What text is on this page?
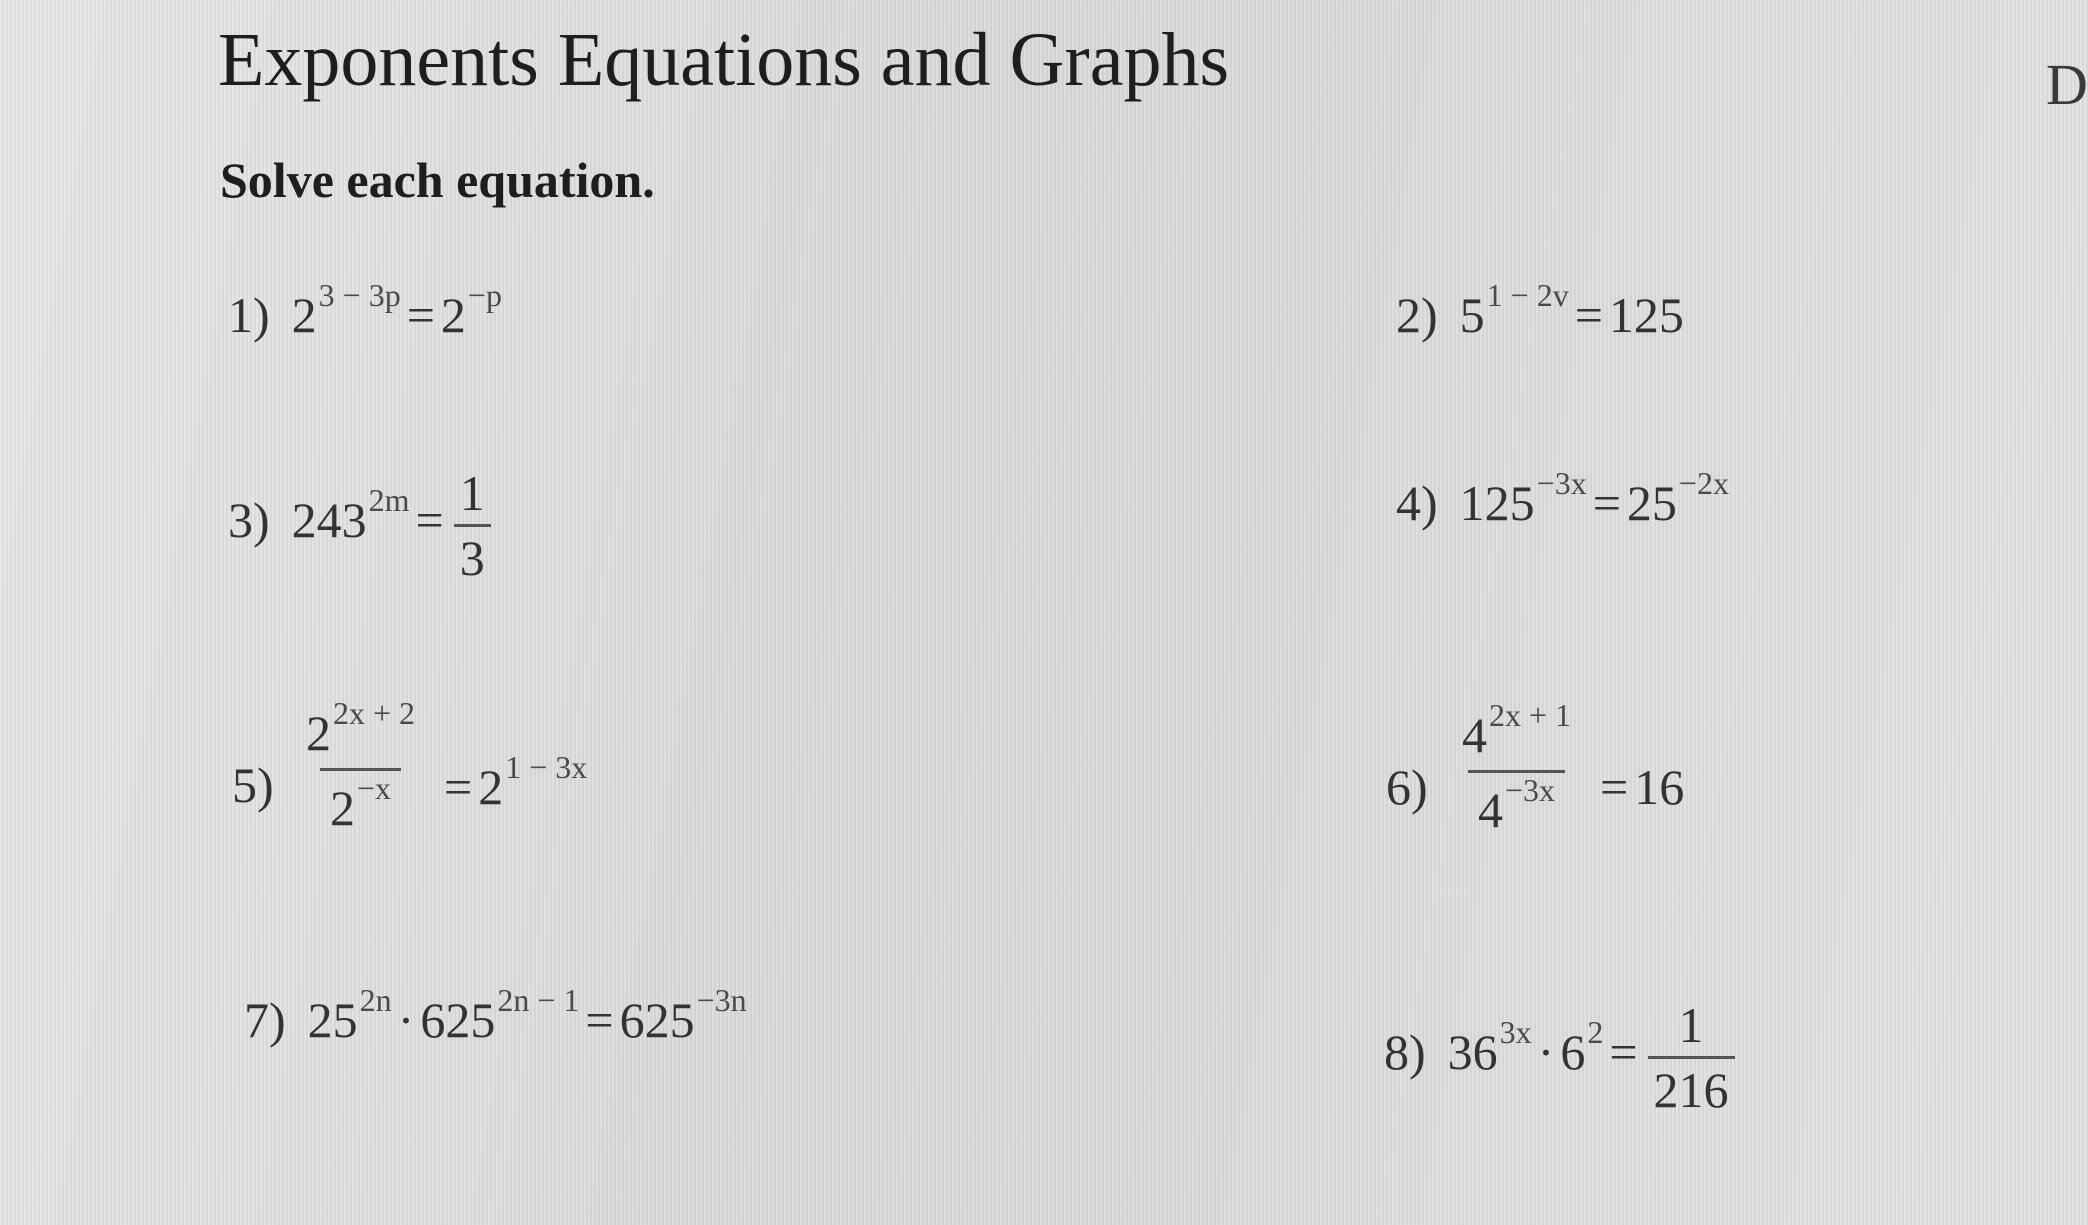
Exponents Equations and Graphs	D
Solve each equation.
1) $2^{3 - 3p} = 2^{-p}$	2) $5^{1 - 2v} = 125$
3) $243^{2m} = \frac{1}{3}$	4) $125^{-3x} = 25^{-2x}$
$5) \frac{2^{2x + 2}}{2^{-x}} = 2^{1 - 3x}$	$6) \frac{4^{2x + 1}}{4^{-3x}} = 16$
7) $25^{2n} \cdot 625^{2n - 1} = 625^{-3n}$
8) $36^{3x} \cdot 6^2 = \frac{1}{216}$
